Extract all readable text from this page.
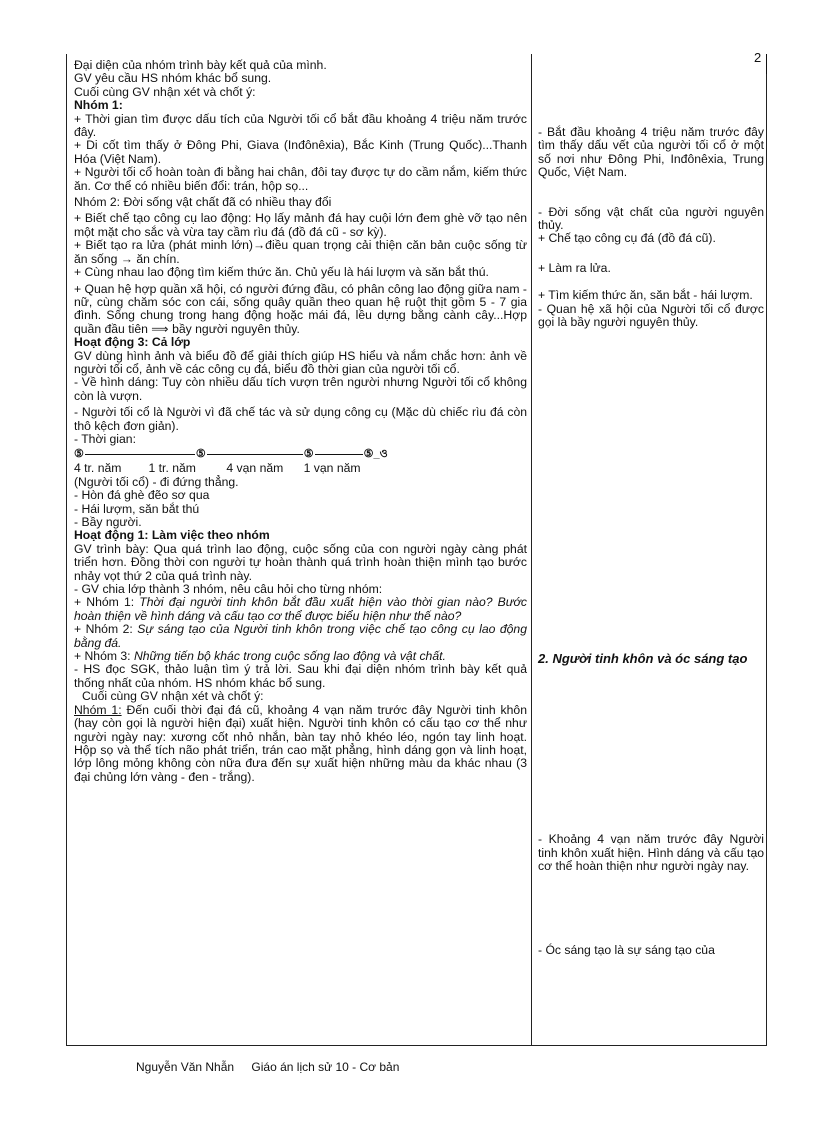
2

Đại diện của nhóm trình bày kết quả của mình.

GV yêu cầu HS nhóm khác bổ sung.

Cuối cùng GV nhận xét và chốt ý:

Nhóm 1:

+ Thời gian tìm được dấu tích của Người tối cổ bắt đầu khoảng 4 triệu năm trước đây.

+ Di cốt tìm thấy ở Đông Phi, Giava (Inđônêxia), Bắc Kinh (Trung Quốc)...Thanh Hóa (Việt Nam).

+ Người tối cổ hoàn toàn đi bằng hai chân, đôi tay được tự do cầm nắm, kiếm thức ăn. Cơ thể có nhiều biến đổi: trán, hộp sọ...

Nhóm 2: Đời sống vật chất đã có nhiều thay đổi

+ Biết chế tạo công cụ lao động: Họ lấy mảnh đá hay cuội lớn đem ghè vỡ tạo nên một mặt cho sắc và vừa tay cầm rìu đá (đồ đá cũ - sơ kỳ).

+ Biết tạo ra lửa (phát minh lớn)→điều quan trọng cải thiện căn bản cuộc sống từ ăn sống → ăn chín.

+ Cùng nhau lao động tìm kiếm thức ăn. Chủ yếu là hái lượm và săn bắt thú.

+ Quan hệ hợp quần xã hội, có người đứng đầu, có phân công lao động giữa nam - nữ, cùng chăm sóc con cái, sống quây quần theo quan hệ ruột thịt gồm 5 - 7 gia đình. Sống chung trong hang động hoặc mái đá, lều dựng bằng cành cây...Hợp quần đầu tiên ⟹ bầy người nguyên thủy.

Hoạt động 3: Cả lớp

GV dùng hình ảnh và biểu đồ để giải thích giúp HS hiểu và nắm chắc hơn: ảnh về người tối cổ, ảnh về các công cụ đá, biểu đồ thời gian của người tối cổ.

- Về hình dáng: Tuy còn nhiều dấu tích vượn trên người nhưng Người tối cổ không còn là vượn.

- Người tối cổ là Người vì đã chế tác và sử dụng công cụ (Mặc dù chiếc rìu đá còn thô kệch đơn giản).

- Thời gian:

⑤	⑤	⑤	⑤_ও

4 tr. năm        1 tr. năm         4 vạn năm      1 vạn năm

(Người tối cổ) - đi đứng thẳng.

- Hòn đá ghè đẽo sơ qua

- Hái lượm, săn bắt thú

- Bầy người.

Hoạt động 1: Làm việc theo nhóm

GV trình bày: Qua quá trình lao động, cuộc sống của con người ngày càng phát triển hơn. Đồng thời con người tự hoàn thành quá trình hoàn thiện mình tạo bước nhảy vọt thứ 2 của quá trình này.

- GV chia lớp thành 3 nhóm, nêu câu hỏi cho từng nhóm:

+ Nhóm 1: Thời đại người tinh khôn bắt đầu xuất hiện vào thời gian nào? Bước hoàn thiện về hình dáng và cấu tạo cơ thể được biểu hiện như thế nào?

+ Nhóm 2: Sự sáng tạo của Người tinh khôn trong việc chế tạo công cụ lao động bằng đá.

+ Nhóm 3: Những tiến bộ khác trong cuộc sống lao động và vật chất.

- HS đọc SGK, thảo luận tìm ý trả lời. Sau khi đại diện nhóm trình bày kết quả thống nhất của nhóm. HS nhóm khác bổ sung.

Cuối cùng GV nhận xét và chốt ý:

Nhóm 1: Đến cuối thời đại đá cũ, khoảng 4 vạn năm trước đây Người tinh khôn (hay còn gọi là người hiện đại) xuất hiện. Người tinh khôn có cấu tạo cơ thể như người ngày nay: xương cốt nhỏ nhắn, bàn tay nhỏ khéo léo, ngón tay linh hoạt. Hộp sọ và thể tích não phát triển, trán cao mặt phẳng, hình dáng gọn và linh hoạt, lớp lông mỏng không còn nữa đưa đến sự xuất hiện những màu da khác nhau (3 đại chủng lớn vàng - đen - trắng).

- Bắt đầu khoảng 4 triệu năm trước đây tìm thấy dấu vết của người tối cổ ở một số nơi như Đông Phi, Inđônêxia, Trung Quốc, Việt Nam.

- Đời sống vật chất của người nguyên thủy.

+ Chế tạo công cụ đá (đồ đá cũ).

+ Làm ra lửa.

+ Tìm kiếm thức ăn, săn bắt - hái lượm.

- Quan hệ xã hội của Người tối cổ được gọi là bầy người nguyên thủy.

2. Người tinh khôn và óc sáng tạo

- Khoảng 4 vạn năm trước đây Người tinh khôn xuất hiện. Hình dáng và cấu tạo cơ thể hoàn thiện như người ngày nay.

- Óc sáng tạo là sự sáng tạo của

Nguyễn Văn Nhẫn Giáo án lịch sử 10 - Cơ bản
